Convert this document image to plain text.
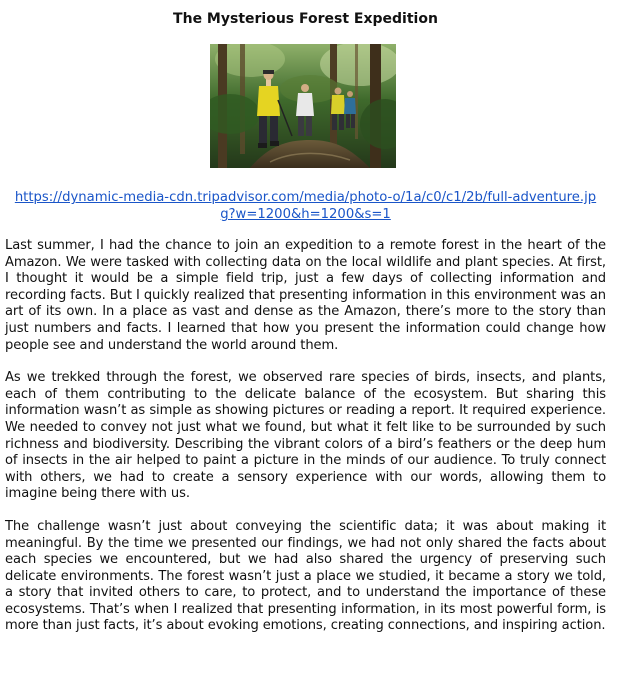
The Mysterious Forest Expedition
https://dynamic-media-cdn.tripadvisor.com/media/photo-o/1a/c0/c1/2b/full-adventure.jpg?w=1200&h=1200&s=1

Last summer, I had the chance to join an expedition to a remote forest in the heart of the Amazon. We were tasked with collecting data on the local wildlife and plant species. At first, I thought it would be a simple field trip, just a few days of collecting information and recording facts. But I quickly realized that presenting information in this environment was an art of its own. In a place as vast and dense as the Amazon, there’s more to the story than just numbers and facts. I learned that how you present the information could change how people see and understand the world around them.

As we trekked through the forest, we observed rare species of birds, insects, and plants, each of them contributing to the delicate balance of the ecosystem. But sharing this information wasn’t as simple as showing pictures or reading a report. It required experience. We needed to convey not just what we found, but what it felt like to be surrounded by such richness and biodiversity. Describing the vibrant colors of a bird’s feathers or the deep hum of insects in the air helped to paint a picture in the minds of our audience. To truly connect with others, we had to create a sensory experience with our words, allowing them to imagine being there with us.

The challenge wasn’t just about conveying the scientific data; it was about making it meaningful. By the time we presented our findings, we had not only shared the facts about each species we encountered, but we had also shared the urgency of preserving such delicate environments. The forest wasn’t just a place we studied, it became a story we told, a story that invited others to care, to protect, and to understand the importance of these ecosystems. That’s when I realized that presenting information, in its most powerful form, is more than just facts, it’s about evoking emotions, creating connections, and inspiring action.
